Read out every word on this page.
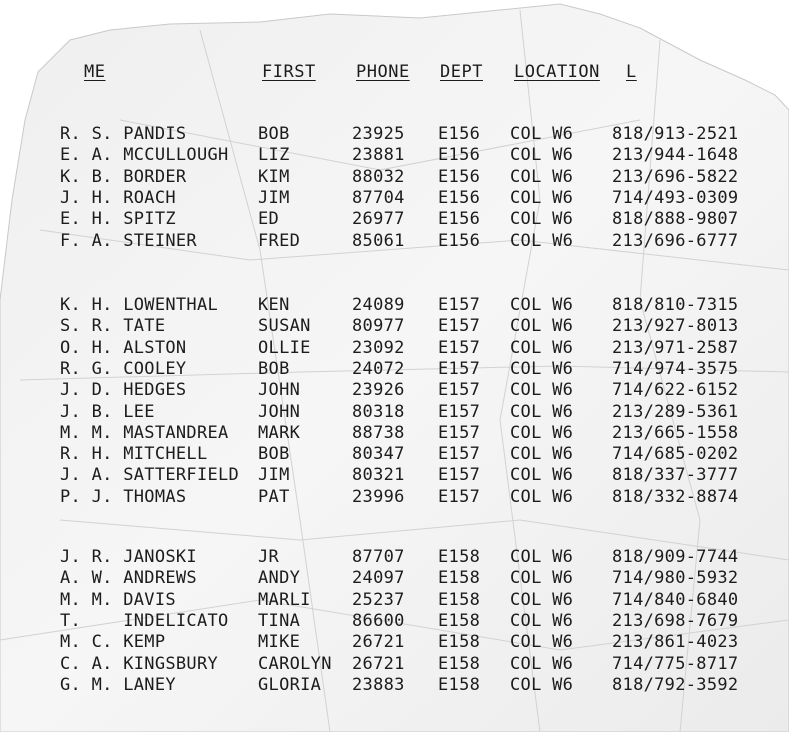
ME	FIRST PHONE DEPT LOCATION L
R. S. PANDIS	BOB	23925 E156 COL W6 818/913-2521
E. A. MCCULLOUGH LIZ	23881 E156 COL W6 213/944-1648
K. B. BORDER	KIM	88032 E156 COL W6 213/696-5822
J. H. ROACH	JIM	87704 E156 COL W6 714/493-0309
E. H. SPITZ	ED	26977 E156 COL W6 818/888-9807
F. A. STEINER	FRED	85061 E156 COL W6 213/696-6777
K. H. LOWENTHAL KEN	24089 E157 COL W6 818/810-7315
S. R. TATE	SUSAN 80977 E157 COL W6 213/927-8013
O. H. ALSTON	OLLIE 23092 E157 COL W6 213/971-2587
R. G. COOLEY	BOB	24072 E157 COL W6 714/974-3575
J. D. HEDGES	JOHN	23926 E157 COL W6 714/622-6152
J. B. LEE	JOHN	80318 E157 COL W6 213/289-5361
M. M. MASTANDREA MARK	88738 E157 COL W6 213/665-1558
R. H. MITCHELL	BOB	80347 E157 COL W6 714/685-0202
J. A. SATTERFIELD JIM	80321 E157 COL W6 818/337-3777
P. J. THOMAS	PAT	23996 E157 COL W6 818/332-8874
J. R. JANOSKI	JR	87707 E158 COL W6 818/909-7744
A. W. ANDREWS	ANDY	24097 E158 COL W6 714/980-5932
M. M. DAVIS	MARLI 25237 E158 COL W6 714/840-6840
T.    INDELICATO TINA	86600 E158 COL W6 213/698-7679
M. C. KEMP	MIKE	26721 E158 COL W6 213/861-4023
C. A. KINGSBURY CAROLYN 26721 E158 COL W6 714/775-8717
G. M. LANEY	GLORIA 23883 E158 COL W6 818/792-3592
